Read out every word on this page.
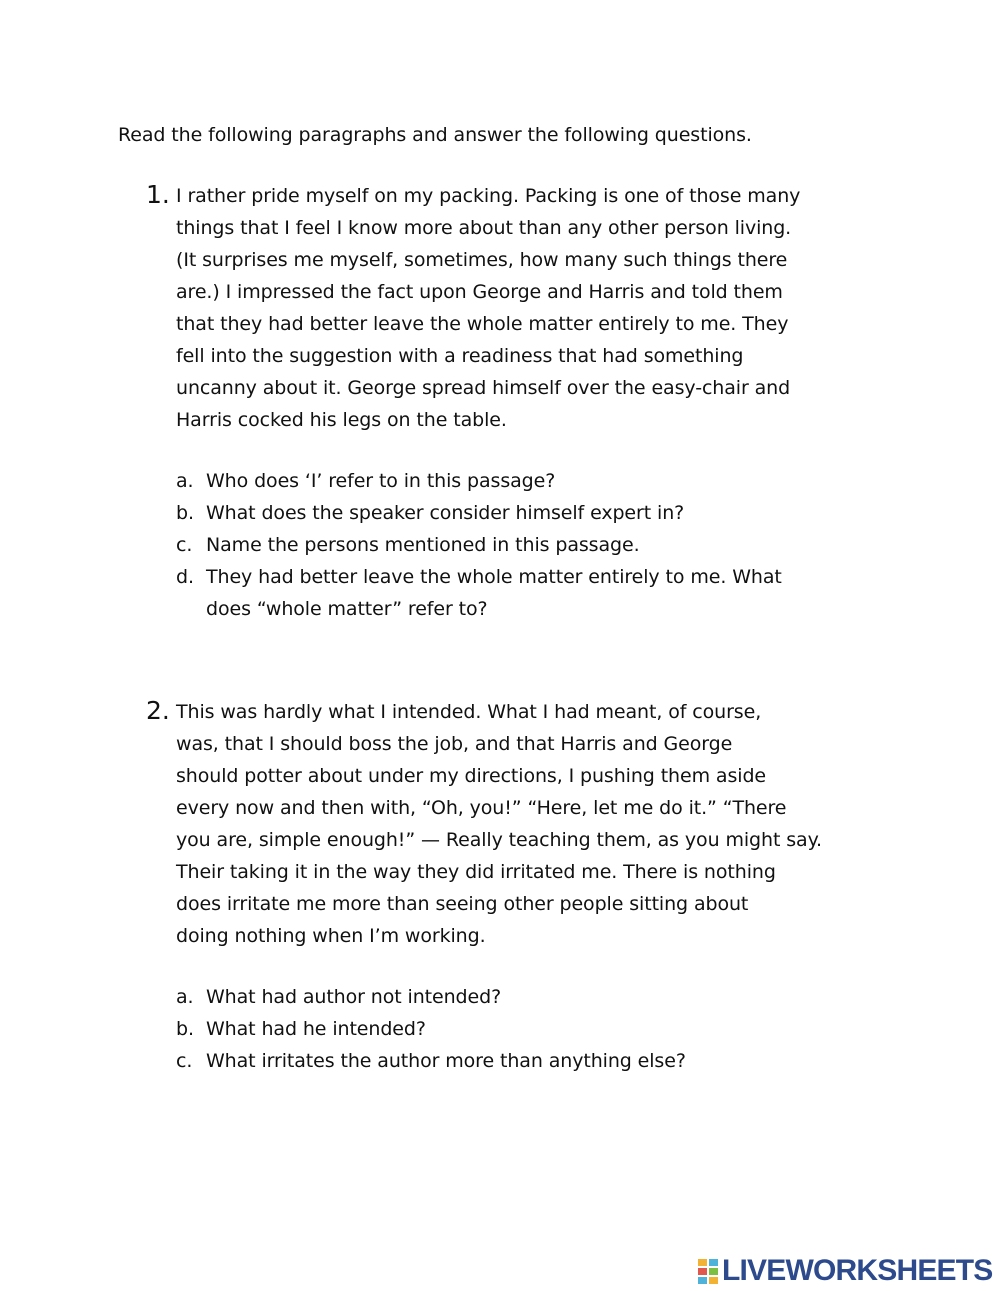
Read the following paragraphs and answer the following questions.
1. I rather pride myself on my packing. Packing is one of those many
things that I feel I know more about than any other person living.
(It surprises me myself, sometimes, how many such things there
are.) I impressed the fact upon George and Harris and told them
that they had better leave the whole matter entirely to me. They
fell into the suggestion with a readiness that had something
uncanny about it. George spread himself over the easy-chair and
Harris cocked his legs on the table.
a. Who does ‘I’ refer to in this passage?
b. What does the speaker consider himself expert in?
c. Name the persons mentioned in this passage.
d. They had better leave the whole matter entirely to me. What
does “whole matter” refer to?
2. This was hardly what I intended. What I had meant, of course,
was, that I should boss the job, and that Harris and George
should potter about under my directions, I pushing them aside
every now and then with, “Oh, you!” “Here, let me do it.” “There
you are, simple enough!” — Really teaching them, as you might say.
Their taking it in the way they did irritated me. There is nothing
does irritate me more than seeing other people sitting about
doing nothing when I’m working.
a. What had author not intended?
b. What had he intended?
c. What irritates the author more than anything else?
LIVEWORKSHEETS
